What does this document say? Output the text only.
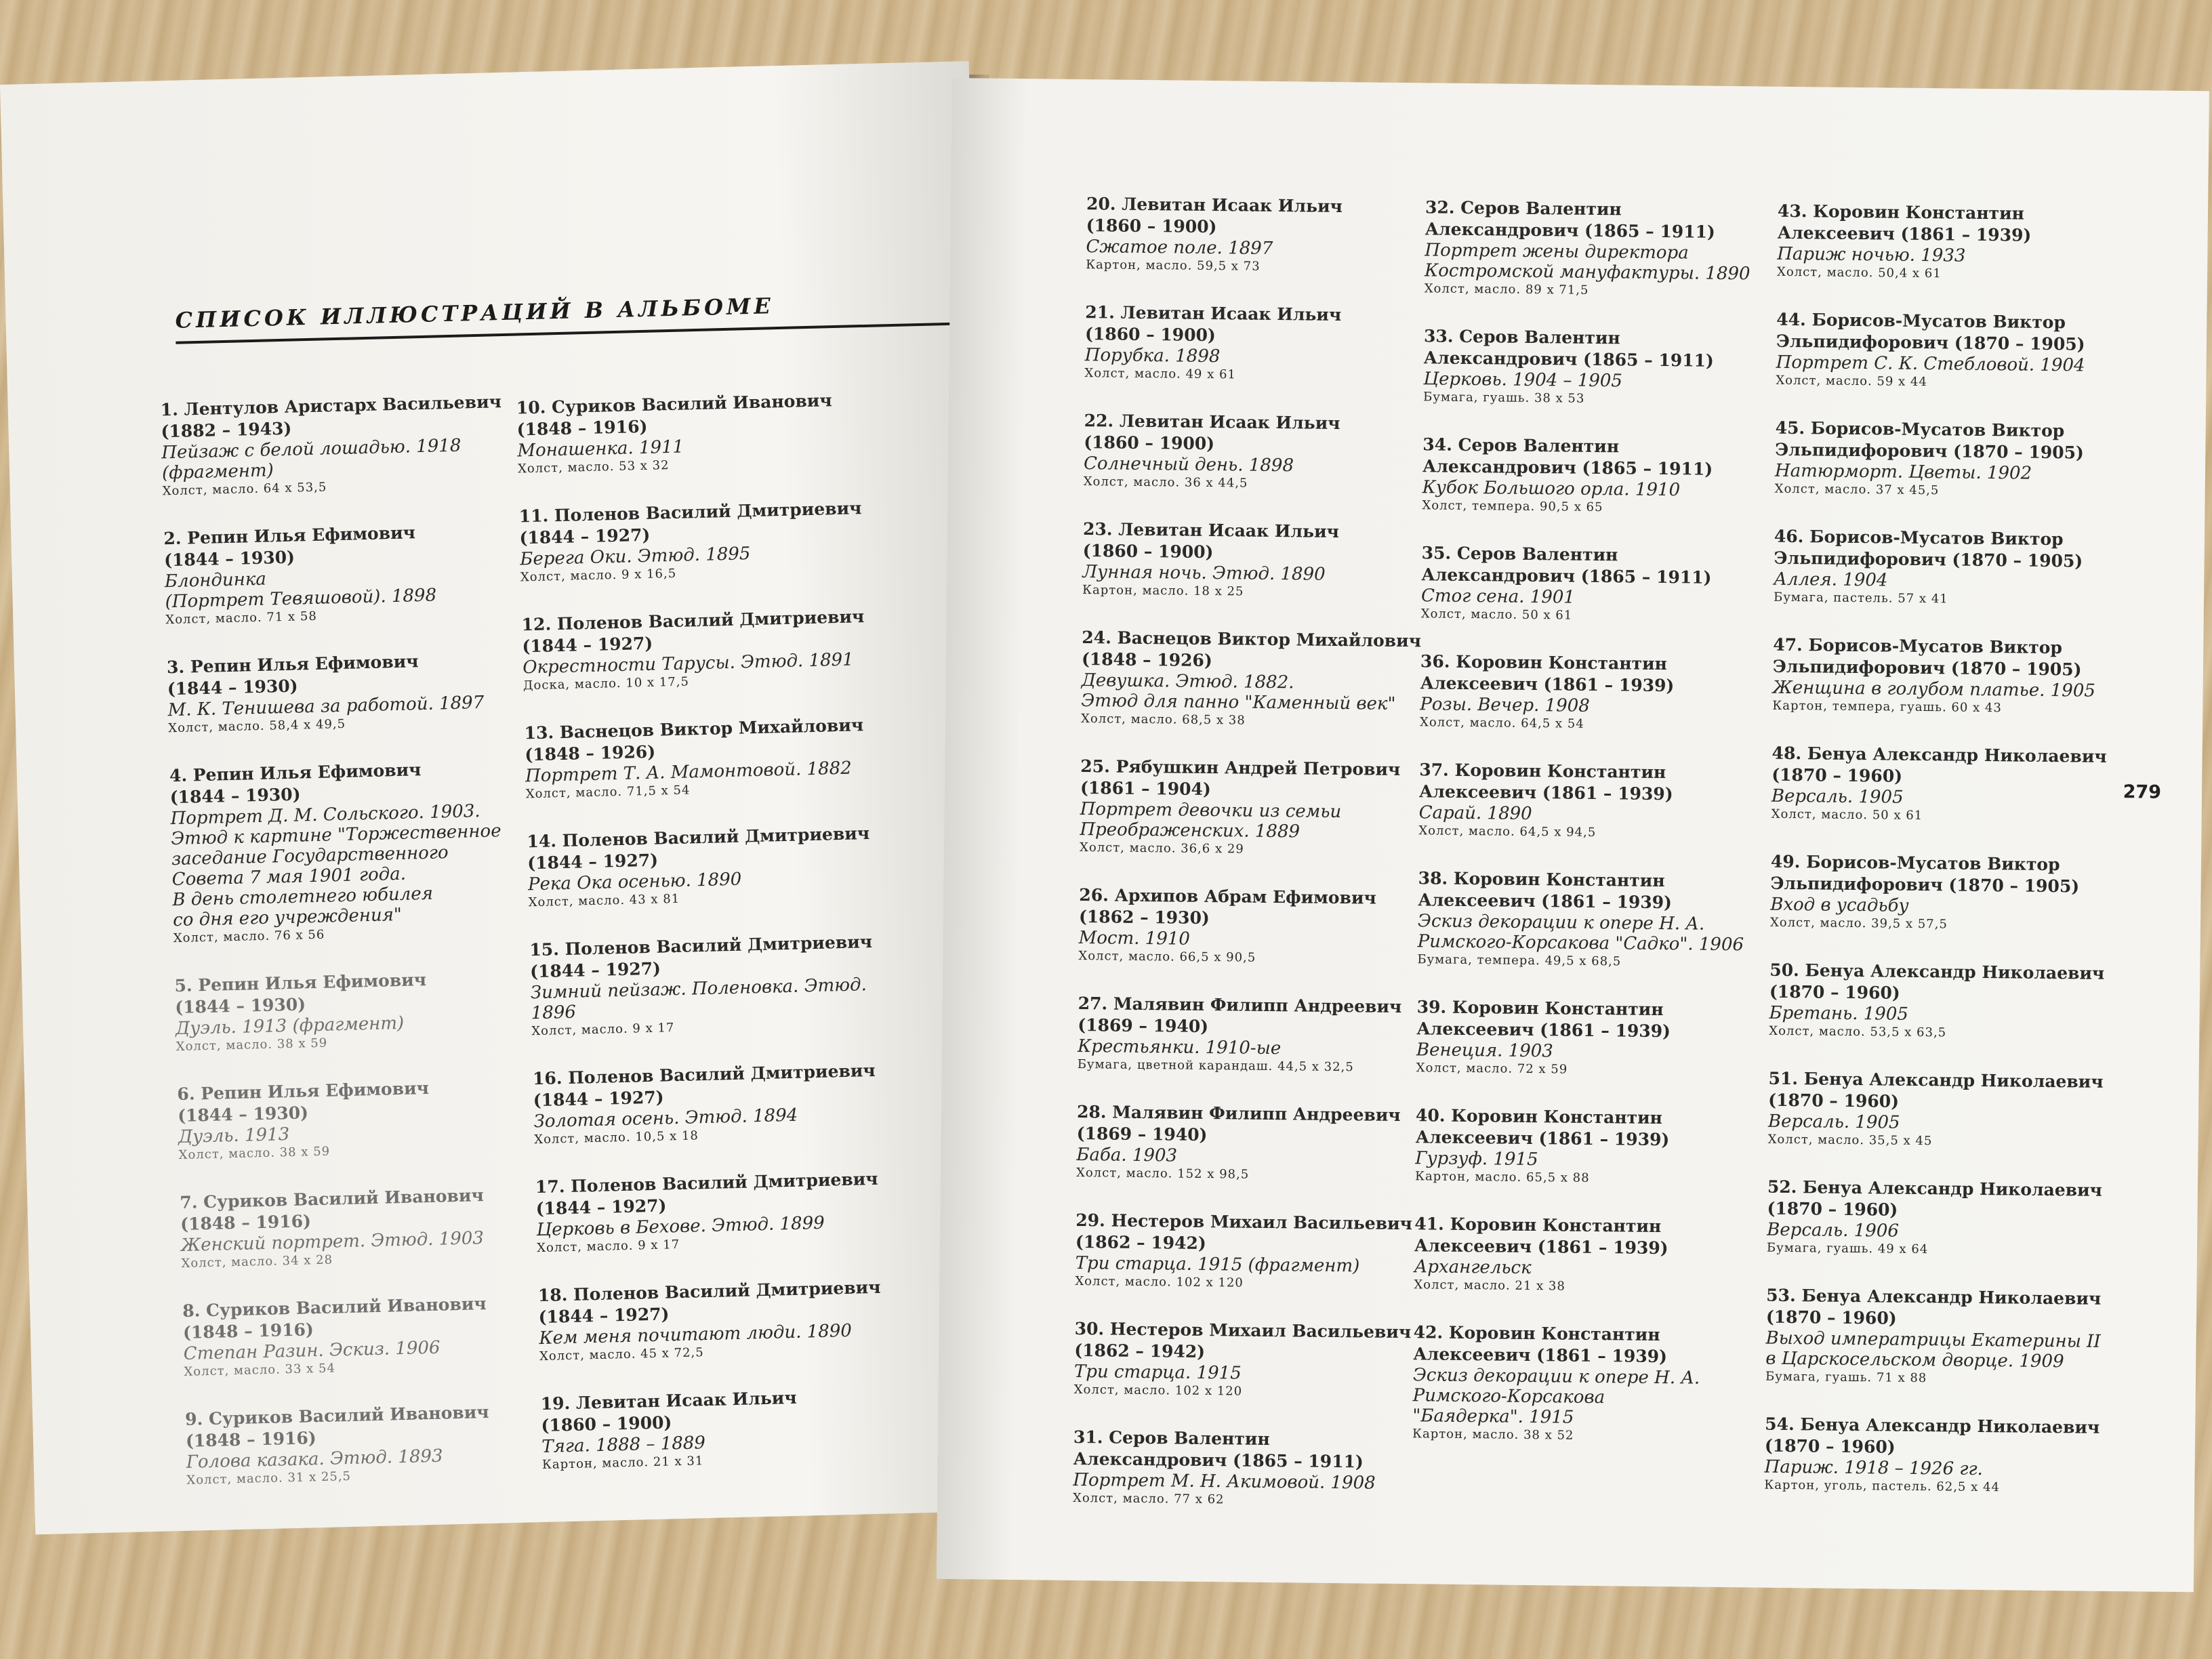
СПИСОК ИЛЛЮСТРАЦИЙ В АЛЬБОМЕ
1. Лентулов Аристарх Васильевич
(1882 – 1943)
Пейзаж с белой лошадью. 1918
(фрагмент)
Холст, масло. 64 x 53,5
2. Репин Илья Ефимович
(1844 – 1930)
Блондинка
(Портрет Тевяшовой). 1898
Холст, масло. 71 x 58
3. Репин Илья Ефимович
(1844 – 1930)
М. К. Тенишева за работой. 1897
Холст, масло. 58,4 x 49,5
4. Репин Илья Ефимович
(1844 – 1930)
Портрет Д. М. Сольского. 1903.
Этюд к картине "Торжественное
заседание Государственного
Совета 7 мая 1901 года.
В день столетнего юбилея
со дня его учреждения"
Холст, масло. 76 x 56
5. Репин Илья Ефимович
(1844 – 1930)
Дуэль. 1913 (фрагмент)
Холст, масло. 38 x 59
6. Репин Илья Ефимович
(1844 – 1930)
Дуэль. 1913
Холст, масло. 38 x 59
7. Суриков Василий Иванович
(1848 – 1916)
Женский портрет. Этюд. 1903
Холст, масло. 34 x 28
8. Суриков Василий Иванович
(1848 – 1916)
Степан Разин. Эскиз. 1906
Холст, масло. 33 x 54
9. Суриков Василий Иванович
(1848 – 1916)
Голова казака. Этюд. 1893
Холст, масло. 31 x 25,5
10. Суриков Василий Иванович
(1848 – 1916)
Монашенка. 1911
Холст, масло. 53 x 32
11. Поленов Василий Дмитриевич
(1844 – 1927)
Берега Оки. Этюд. 1895
Холст, масло. 9 x 16,5
12. Поленов Василий Дмитриевич
(1844 – 1927)
Окрестности Тарусы. Этюд. 1891
Доска, масло. 10 x 17,5
13. Васнецов Виктор Михайлович
(1848 – 1926)
Портрет Т. А. Мамонтовой. 1882
Холст, масло. 71,5 x 54
14. Поленов Василий Дмитриевич
(1844 – 1927)
Река Ока осенью. 1890
Холст, масло. 43 x 81
15. Поленов Василий Дмитриевич
(1844 – 1927)
Зимний пейзаж. Поленовка. Этюд. 1896
Холст, масло. 9 x 17
16. Поленов Василий Дмитриевич
(1844 – 1927)
Золотая осень. Этюд. 1894
Холст, масло. 10,5 x 18
17. Поленов Василий Дмитриевич
(1844 – 1927)
Церковь в Бехове. Этюд. 1899
Холст, масло. 9 x 17
18. Поленов Василий Дмитриевич
(1844 – 1927)
Кем меня почитают люди. 1890
Холст, масло. 45 x 72,5
19. Левитан Исаак Ильич
(1860 – 1900)
Тяга. 1888 – 1889
Картон, масло. 21 x 31
20. Левитан Исаак Ильич
(1860 – 1900)
Сжатое поле. 1897
Картон, масло. 59,5 x 73
21. Левитан Исаак Ильич
(1860 – 1900)
Порубка. 1898
Холст, масло. 49 x 61
22. Левитан Исаак Ильич
(1860 – 1900)
Солнечный день. 1898
Холст, масло. 36 x 44,5
23. Левитан Исаак Ильич
(1860 – 1900)
Лунная ночь. Этюд. 1890
Картон, масло. 18 x 25
24. Васнецов Виктор Михайлович
(1848 – 1926)
Девушка. Этюд. 1882.
Этюд для панно "Каменный век"
Холст, масло. 68,5 x 38
25. Рябушкин Андрей Петрович
(1861 – 1904)
Портрет девочки из семьи
Преображенских. 1889
Холст, масло. 36,6 x 29
26. Архипов Абрам Ефимович
(1862 – 1930)
Мост. 1910
Холст, масло. 66,5 x 90,5
27. Малявин Филипп Андреевич
(1869 – 1940)
Крестьянки. 1910-ые
Бумага, цветной карандаш. 44,5 x 32,5
28. Малявин Филипп Андреевич
(1869 – 1940)
Баба. 1903
Холст, масло. 152 x 98,5
29. Нестеров Михаил Васильевич
(1862 – 1942)
Три старца. 1915 (фрагмент)
Холст, масло. 102 x 120
30. Нестеров Михаил Васильевич
(1862 – 1942)
Три старца. 1915
Холст, масло. 102 x 120
31. Серов Валентин
Александрович (1865 – 1911)
Портрет М. Н. Акимовой. 1908
Холст, масло. 77 x 62
32. Серов Валентин
Александрович (1865 – 1911)
Портрет жены директора
Костромской мануфактуры. 1890
Холст, масло. 89 x 71,5
33. Серов Валентин
Александрович (1865 – 1911)
Церковь. 1904 – 1905
Бумага, гуашь. 38 x 53
34. Серов Валентин
Александрович (1865 – 1911)
Кубок Большого орла. 1910
Холст, темпера. 90,5 x 65
35. Серов Валентин
Александрович (1865 – 1911)
Стог сена. 1901
Холст, масло. 50 x 61
36. Коровин Константин
Алексеевич (1861 – 1939)
Розы. Вечер. 1908
Холст, масло. 64,5 x 54
37. Коровин Константин
Алексеевич (1861 – 1939)
Сарай. 1890
Холст, масло. 64,5 x 94,5
38. Коровин Константин
Алексеевич (1861 – 1939)
Эскиз декорации к опере Н. А.
Римского-Корсакова "Садко". 1906
Бумага, темпера. 49,5 x 68,5
39. Коровин Константин
Алексеевич (1861 – 1939)
Венеция. 1903
Холст, масло. 72 x 59
40. Коровин Константин
Алексеевич (1861 – 1939)
Гурзуф. 1915
Картон, масло. 65,5 x 88
41. Коровин Константин
Алексеевич (1861 – 1939)
Архангельск
Холст, масло. 21 x 38
42. Коровин Константин
Алексеевич (1861 – 1939)
Эскиз декорации к опере Н. А.
Римского-Корсакова
"Баядерка". 1915
Картон, масло. 38 x 52
43. Коровин Константин
Алексеевич (1861 – 1939)
Париж ночью. 1933
Холст, масло. 50,4 x 61
44. Борисов-Мусатов Виктор
Эльпидифорович (1870 – 1905)
Портрет С. К. Стебловой. 1904
Холст, масло. 59 x 44
45. Борисов-Мусатов Виктор
Эльпидифорович (1870 – 1905)
Натюрморт. Цветы. 1902
Холст, масло. 37 x 45,5
46. Борисов-Мусатов Виктор
Эльпидифорович (1870 – 1905)
Аллея. 1904
Бумага, пастель. 57 x 41
47. Борисов-Мусатов Виктор
Эльпидифорович (1870 – 1905)
Женщина в голубом платье. 1905
Картон, темпера, гуашь. 60 x 43
48. Бенуа Александр Николаевич
(1870 – 1960)
Версаль. 1905
Холст, масло. 50 x 61
49. Борисов-Мусатов Виктор
Эльпидифорович (1870 – 1905)
Вход в усадьбу
Холст, масло. 39,5 x 57,5
50. Бенуа Александр Николаевич
(1870 – 1960)
Бретань. 1905
Холст, масло. 53,5 x 63,5
51. Бенуа Александр Николаевич
(1870 – 1960)
Версаль. 1905
Холст, масло. 35,5 x 45
52. Бенуа Александр Николаевич
(1870 – 1960)
Версаль. 1906
Бумага, гуашь. 49 x 64
53. Бенуа Александр Николаевич
(1870 – 1960)
Выход императрицы Екатерины II
в Царскосельском дворце. 1909
Бумага, гуашь. 71 x 88
54. Бенуа Александр Николаевич
(1870 – 1960)
Париж. 1918 – 1926 гг.
Картон, уголь, пастель. 62,5 x 44
279
